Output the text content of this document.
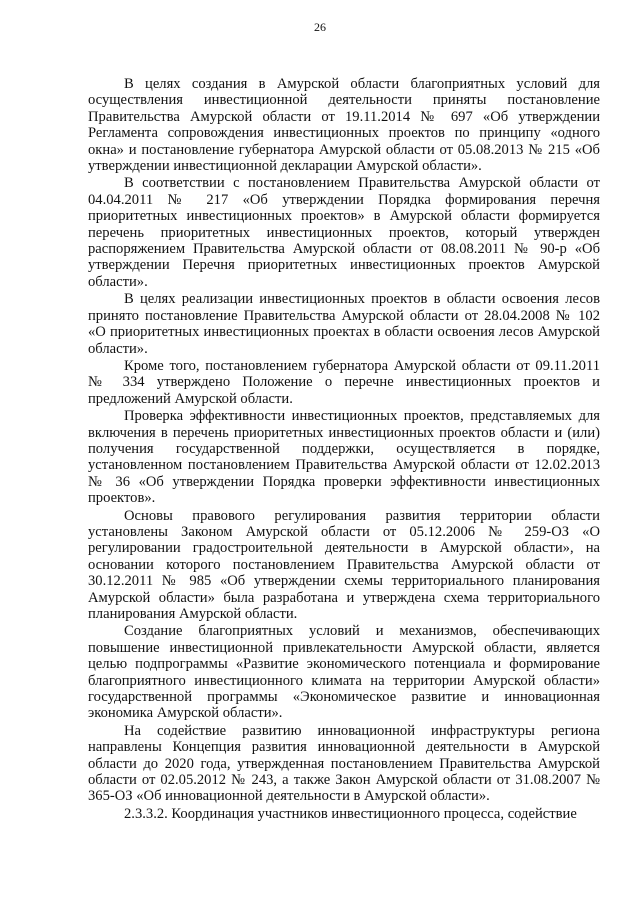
26

В целях создания в Амурской области благоприятных условий для осуществления инвестиционной деятельности приняты постановление Правительства Амурской области от 19.11.2014 № 697 «Об утверждении Регламента сопровождения инвестиционных проектов по принципу «одного окна» и постановление губернатора Амурской области от 05.08.2013 № 215 «Об утверждении инвестиционной декларации Амурской области».

В соответствии с постановлением Правительства Амурской области от 04.04.2011 № 217 «Об утверждении Порядка формирования перечня приоритетных инвестиционных проектов» в Амурской области формируется перечень приоритетных инвестиционных проектов, который утвержден распоряжением Правительства Амурской области от 08.08.2011 № 90-р «Об утверждении Перечня приоритетных инвестиционных проектов Амурской области».

В целях реализации инвестиционных проектов в области освоения лесов принято постановление Правительства Амурской области от 28.04.2008 № 102 «О приоритетных инвестиционных проектах в области освоения лесов Амурской области».

Кроме того, постановлением губернатора Амурской области от 09.11.2011 № 334 утверждено Положение о перечне инвестиционных проектов и предложений Амурской области.

Проверка эффективности инвестиционных проектов, представляемых для включения в перечень приоритетных инвестиционных проектов области и (или) получения государственной поддержки, осуществляется в порядке, установленном постановлением Правительства Амурской области от 12.02.2013 № 36 «Об утверждении Порядка проверки эффективности инвестиционных проектов».

Основы правового регулирования развития территории области установлены Законом Амурской области от 05.12.2006 № 259-ОЗ «О регулировании градостроительной деятельности в Амурской области», на основании которого постановлением Правительства Амурской области от 30.12.2011 № 985 «Об утверждении схемы территориального планирования Амурской области» была разработана и утверждена схема территориального планирования Амурской области.

Создание благоприятных условий и механизмов, обеспечивающих повышение инвестиционной привлекательности Амурской области, является целью подпрограммы «Развитие экономического потенциала и формирование благоприятного инвестиционного климата на территории Амурской области» государственной программы «Экономическое развитие и инновационная экономика Амурской области».

На содействие развитию инновационной инфраструктуры региона направлены Концепция развития инновационной деятельности в Амурской области до 2020 года, утвержденная постановлением Правительства Амурской области от 02.05.2012 № 243, а также Закон Амурской области от 31.08.2007 № 365-ОЗ «Об инновационной деятельности в Амурской области».

2.3.3.2. Координация участников инвестиционного процесса, содействие
